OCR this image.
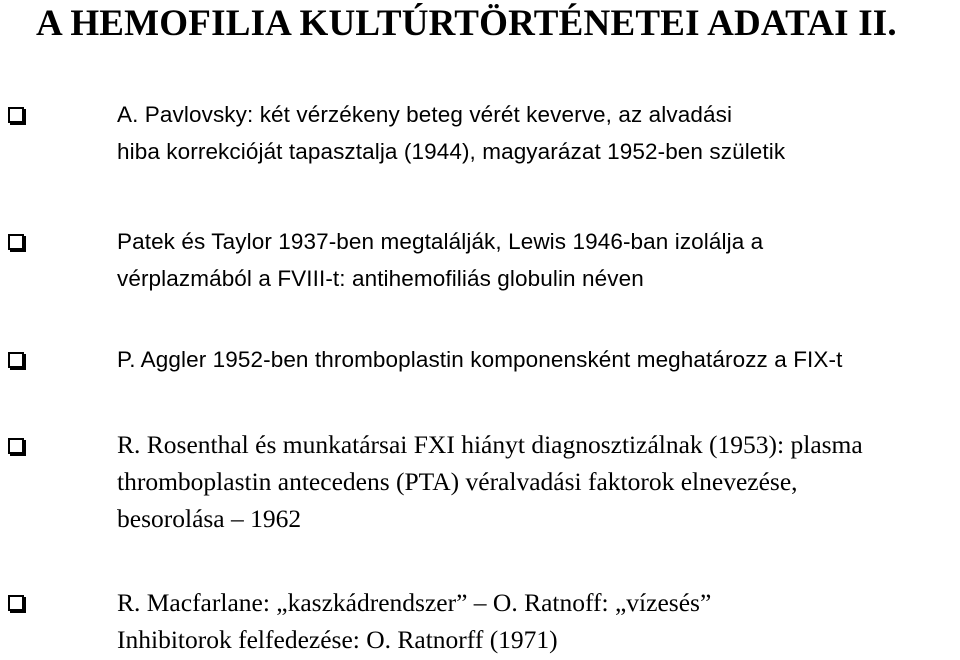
A HEMOFILIA KULTÚRTÖRTÉNETEI ADATAI II.
A. Pavlovsky: két vérzékeny beteg vérét keverve, az alvadási
hiba korrekcióját tapasztalja (1944), magyarázat 1952-ben születik
Patek és Taylor 1937-ben megtalálják, Lewis 1946-ban izolálja a
vérplazmából a FVIII-t: antihemofiliás globulin néven
P. Aggler 1952-ben thromboplastin komponensként meghatározz a FIX-t
R. Rosenthal és munkatársai FXI hiányt diagnosztizálnak (1953): plasma
thromboplastin antecedens (PTA) véralvadási faktorok elnevezése,
besorolása – 1962
R. Macfarlane: „kaszkádrendszer” – O. Ratnoff: „vízesés”
Inhibitorok felfedezése: O. Ratnorff (1971)
